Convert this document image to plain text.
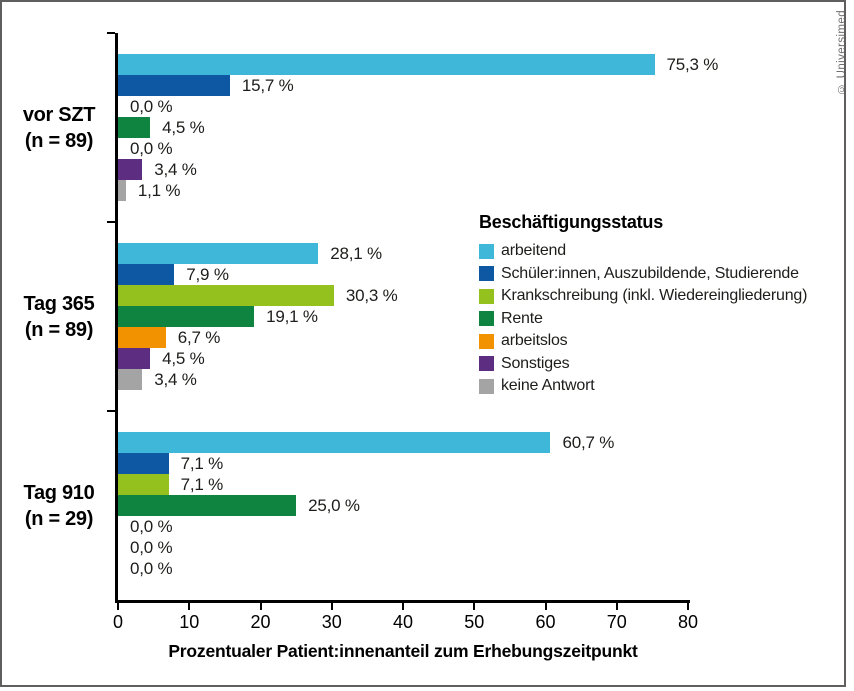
75,3 %
15,7 %
0,0 %
4,5 %
0,0 %
3,4 %
1,1 %
28,1 %
7,9 %
30,3 %
19,1 %
6,7 %
4,5 %
3,4 %
60,7 %
7,1 %
7,1 %
25,0 %
0,0 %
0,0 %
0,0 %
0	10	20	30	40	50	60	70	80
Prozentualer Patient:innenanteil zum Erhebungszeitpunkt
Beschäftigungsstatus
arbeitend
Schüler:innen, Auszubildende, Studierende
Krankschreibung (inkl. Wiedereingliederung)
Rente
arbeitslos
Sonstiges
keine Antwort
© Universimed
vor SZT
(n = 89)
Tag 365
(n = 89)
Tag 910
(n = 29)
